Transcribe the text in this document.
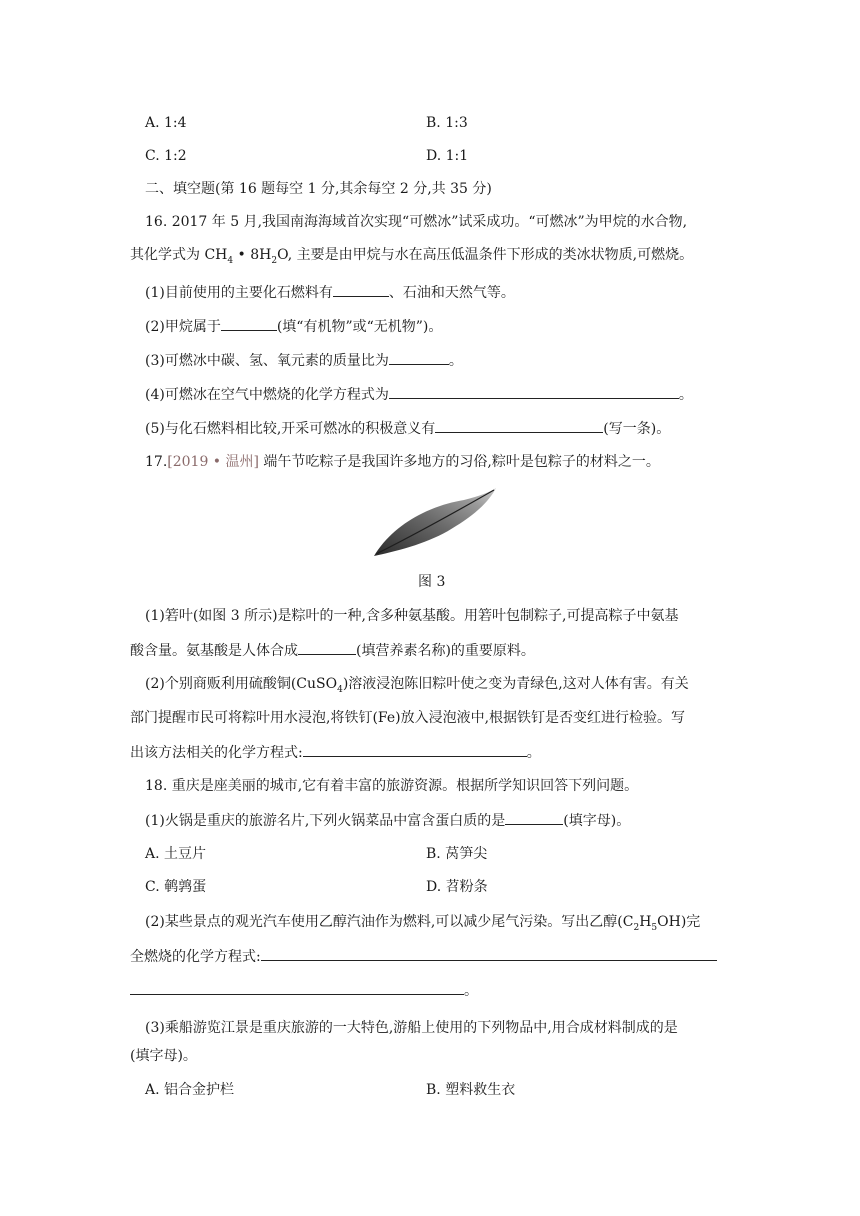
A. 1:4	B. 1:3
C. 1:2	D. 1:1
二、填空题(第 16 题每空 1 分,其余每空 2 分,共 35 分)
16. 2017 年 5 月,我国南海海域首次实现“可燃冰”试采成功。“可燃冰”为甲烷的水合物,
其化学式为 $CH_4$ • $8H_2O$, 主要是由甲烷与水在高压低温条件下形成的类冰状物质,可燃烧。
(1)目前使用的主要化石燃料有	、石油和天然气等。
(2)甲烷属于	(填“有机物”或“无机物”)。
(3)可燃冰中碳、氢、氧元素的质量比为	。
(4)可燃冰在空气中燃烧的化学方程式为	。
(5)与化石燃料相比较,开采可燃冰的积极意义有	(写一条)。
17.[2019 • 温州] 端午节吃粽子是我国许多地方的习俗,粽叶是包粽子的材料之一。
图 3
(1)箬叶(如图 3 所示)是粽叶的一种,含多种氨基酸。用箬叶包制粽子,可提高粽子中氨基
酸含量。氨基酸是人体合成	(填营养素名称)的重要原料。
(2)个别商贩利用硫酸铜(CuSO$_4$)溶液浸泡陈旧粽叶使之变为青绿色,这对人体有害。有关
部门提醒市民可将粽叶用水浸泡,将铁钉(Fe)放入浸泡液中,根据铁钉是否变红进行检验。写
出该方法相关的化学方程式:	。
18. 重庆是座美丽的城市,它有着丰富的旅游资源。根据所学知识回答下列问题。
(1)火锅是重庆的旅游名片,下列火锅菜品中富含蛋白质的是	(填字母)。
A. 土豆片	B. 莴笋尖
C. 鹌鹑蛋	D. 苕粉条
(2)某些景点的观光汽车使用乙醇汽油作为燃料,可以减少尾气污染。写出乙醇$(C_2H_5OH)$完
全燃烧的化学方程式:
。
(3)乘船游览江景是重庆旅游的一大特色,游船上使用的下列物品中,用合成材料制成的是
(填字母)。
A. 铝合金护栏	B. 塑料救生衣
